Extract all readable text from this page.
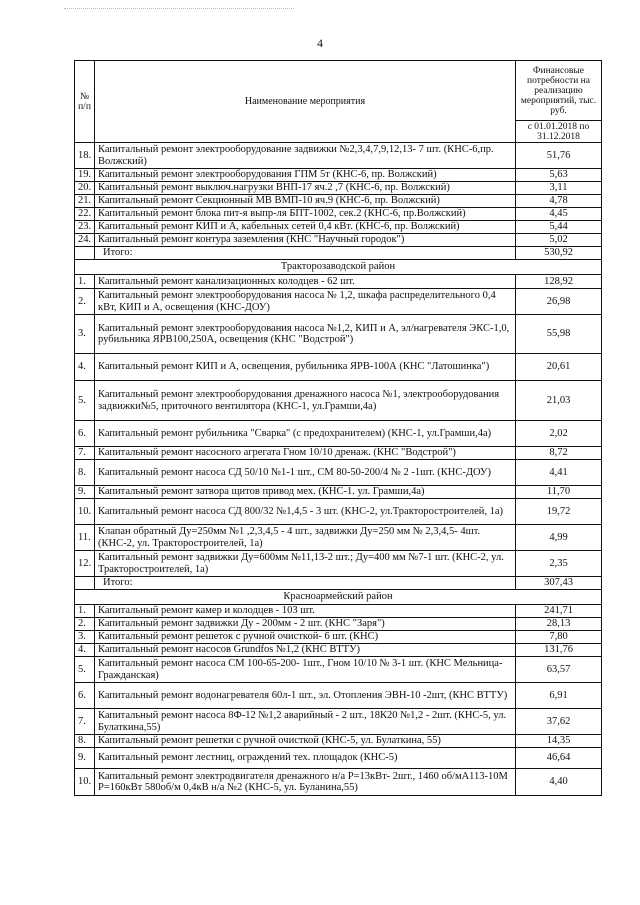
4
№ п/п	Наименование мероприятия	Финансовые потребности на реализацию мероприятий, тыс. руб.
		с 01.01.2018 по 31.12.2018
18.	Капитальный ремонт электрооборудование задвижки №2,3,4,7,9,12,13- 7 шт. (КНС-6,пр. Волжский)	51,76
19.	Капитальный ремонт электрооборудования ГПМ 5т (КНС-6, пр. Волжский)	5,63
20.	Капитальный ремонт выключ.нагрузки ВНП-17 яч.2 ,7 (КНС-6, пр. Волжский)	3,11
21.	Капитальный ремонт Секционный МВ ВМП-10 яч.9 (КНС-6, пр. Волжский)	4,78
22.	Капитальный ремонт блока пит-я выпр-ля БПТ-1002, сек.2 (КНС-6, пр.Волжский)	4,45
23.	Капитальный ремонт КИП и А, кабельных сетей 0,4 кВт. (КНС-6, пр. Волжский)	5,44
24.	Капитальный ремонт контура заземления (КНС "Научный городок")	5,02
	Итого:	530,92
Тракторозаводской район		
1.	Капитальный ремонт канализационных колодцев - 62 шт.	128,92
2.	Капитальный ремонт электрооборудования насоса № 1,2, шкафа распределительного 0,4 кВт, КИП и А, освещения (КНС-ДОУ)	26,98
3.	Капитальный ремонт электрооборудования насоса №1,2, КИП и А, эл/нагревателя ЭКС-1,0, рубильника ЯРВ100,250А, освещения (КНС "Водстрой")	55,98
4.	Капитальный ремонт КИП и А, освещения, рубильника ЯРВ-100А (КНС "Латошинка")	20,61
5.	Капитальный ремонт электрооборудования дренажного насоса №1, электрооборудования задвижки№5, приточного вентилятора (КНС-1, ул.Грамши,4а)	21,03
6.	Капитальный ремонт рубильника "Сварка" (с предохранителем) (КНС-1, ул.Грамши,4а)	2,02
7.	Капитальный ремонт насосного агрегата Гном 10/10 дренаж. (КНС "Водстрой")	8,72
8.	Капитальный ремонт насоса СД 50/10 №1-1 шт., СМ 80-50-200/4 № 2 -1шт. (КНС-ДОУ)	4,41
9.	Капитальный ремонт затвора щитов привод мех. (КНС-1. ул. Грамши,4а)	11,70
10.	Капитальный ремонт насоса СД 800/32 №1,4,5 - 3 шт. (КНС-2, ул.Тракторостроителей, 1а)	19,72
11.	Клапан обратный Ду=250мм №1 ,2,3,4,5 - 4 шт., задвижки Ду=250 мм № 2,3,4,5- 4шт. (КНС-2, ул. Тракторостроителей, 1а)	4,99
12.	Капитальный ремонт задвижки Ду=600мм №11,13-2 шт.; Ду=400 мм №7-1 шт. (КНС-2, ул. Тракторостроителей, 1а)	2,35
	Итого:	307,43
Красноармейский район		
1.	Капитальный ремонт камер и колодцев - 103 шт.	241,71
2.	Капитальный ремонт задвижки Ду - 200мм - 2 шт. (КНС "Заря")	28,13
3.	Капитальный ремонт решеток с ручной очисткой- 6 шт. (КНС)	7,80
4.	Капитальный ремонт насосов Grundfos №1,2 (КНС ВТТУ)	131,76
5.	Капитальный ремонт насоса СМ 100-65-200- 1шт., Гном 10/10 № 3-1 шт. (КНС Мельница-Гражданская)	63,57
6.	Капитальный ремонт водонагревателя 60л-1 шт., эл. Отопления ЭВН-10 -2шт, (КНС ВТТУ)	6,91
7.	Капитальный ремонт насоса 8Ф-12 №1,2 аварийный - 2 шт., 18К20 №1,2 - 2шт. (КНС-5, ул. Булаткина,55)	37,62
8.	Капитальный ремонт решетки с ручной очисткой (КНС-5, ул. Булаткина, 55)	14,35
9.	Капитальный ремонт лестниц, ограждений тех. площадок (КНС-5)	46,64
10.	Капитальный ремонт электродвигателя дренажного н/а Р=13кВт- 2шт., 1460 об/мА113-10М Р=160кВт 580об/м 0,4кВ н/а №2 (КНС-5, ул. Буланина,55)	4,40
